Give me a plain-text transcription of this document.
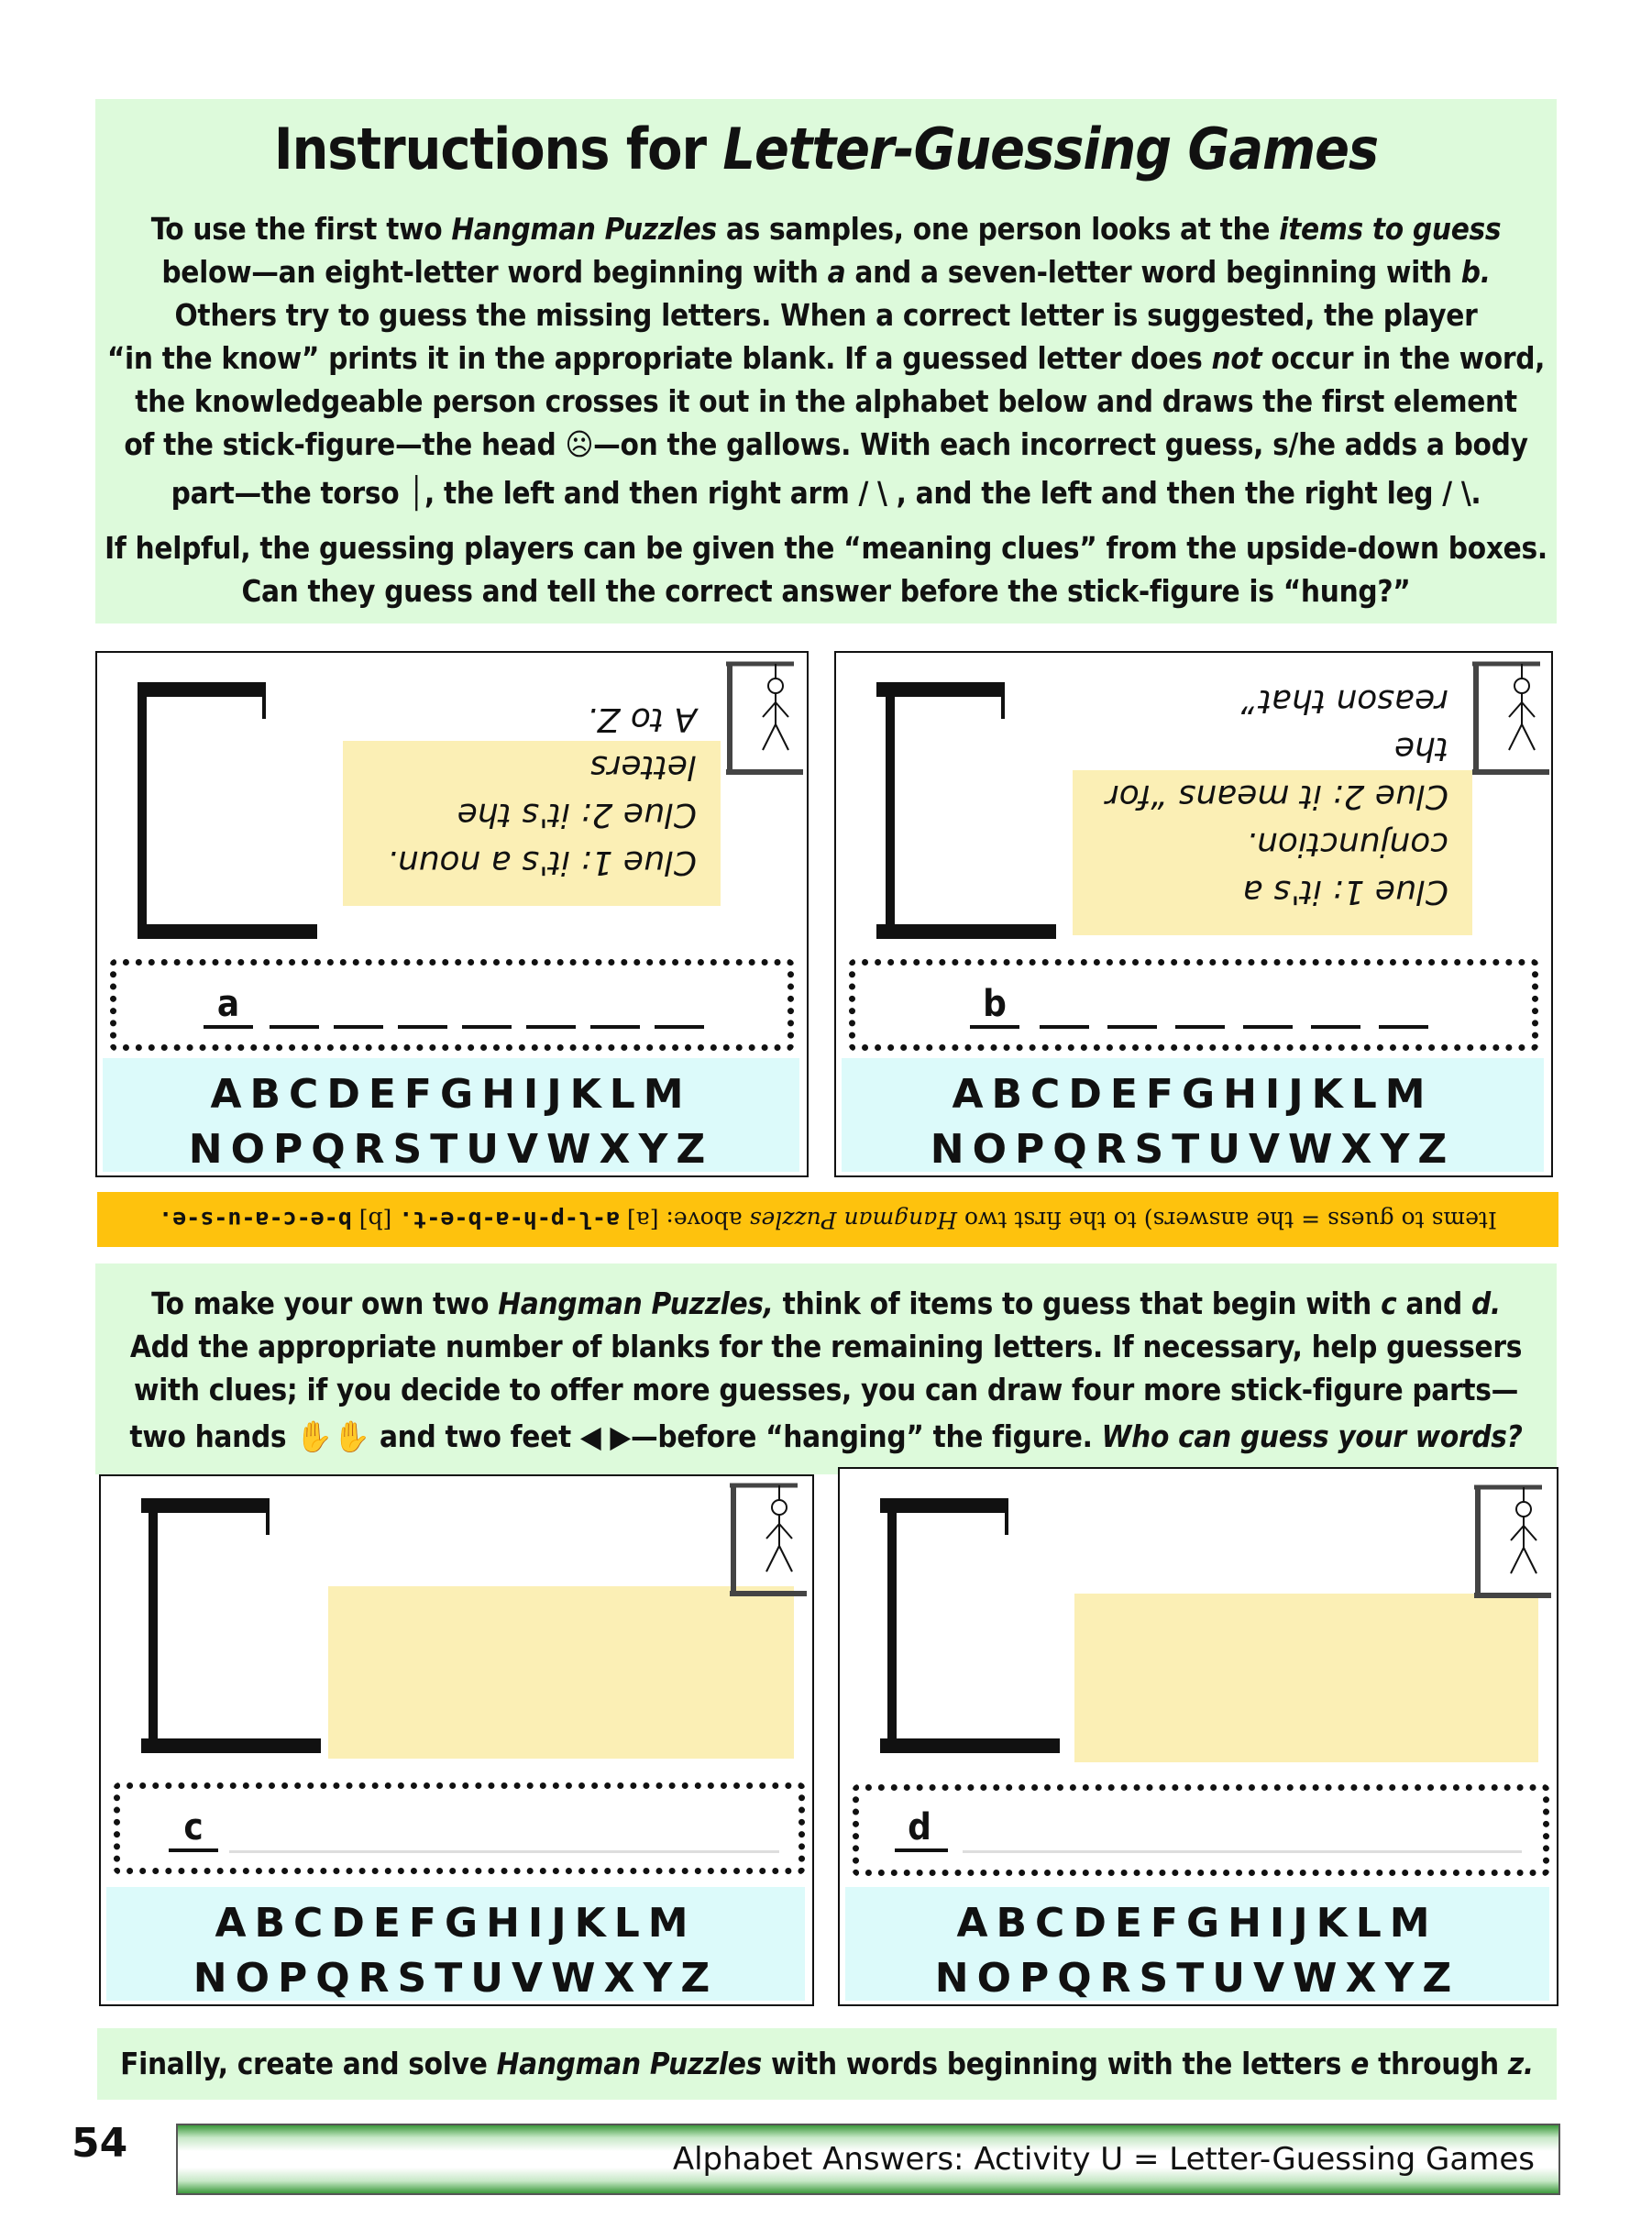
Instructions for Letter-Guessing Games
To use the first two Hangman Puzzles as samples, one person looks at the items to guess
below—an eight-letter word beginning with a and a seven-letter word beginning with b.
Others try to guess the missing letters. When a correct letter is suggested, the player
“in the know” prints it in the appropriate blank. If a guessed letter does not occur in the word,
the knowledgeable person crosses it out in the alphabet below and draws the first element
of the stick-figure—the head ☹—on the gallows. With each incorrect guess, s/he adds a body
part—the torso │, the left and then right arm / \ , and the left and then the right leg / \.
If helpful, the guessing players can be given the “meaning clues” from the upside-down boxes.
Can they guess and tell the correct answer before the stick-figure is “hung?”
Clue 1: it's a noun.
Clue 2: it's the letters
A to Z.
a
ABCDEFGHIJKLM
NOPQRSTUVWXYZ
Clue 1: it's a conjunction.
Clue 2: it means “for the
reason that”
b
ABCDEFGHIJKLM
NOPQRSTUVWXYZ
Items to guess = the answers) to the first two Hangman Puzzles above: [a] a-l-p-h-a-b-e-t. [b] b-e-c-a-u-s-e.
To make your own two Hangman Puzzles, think of items to guess that begin with c and d.
Add the appropriate number of blanks for the remaining letters. If necessary, help guessers
with clues; if you decide to offer more guesses, you can draw four more stick-figure parts—
two hands ✋✋ and two feet ◀ ▶—before “hanging” the figure. Who can guess your words?
c
ABCDEFGHIJKLM
NOPQRSTUVWXYZ
d
ABCDEFGHIJKLM
NOPQRSTUVWXYZ
Finally, create and solve Hangman Puzzles with words beginning with the letters e through z.
54	Alphabet Answers: Activity U = Letter-Guessing Games
